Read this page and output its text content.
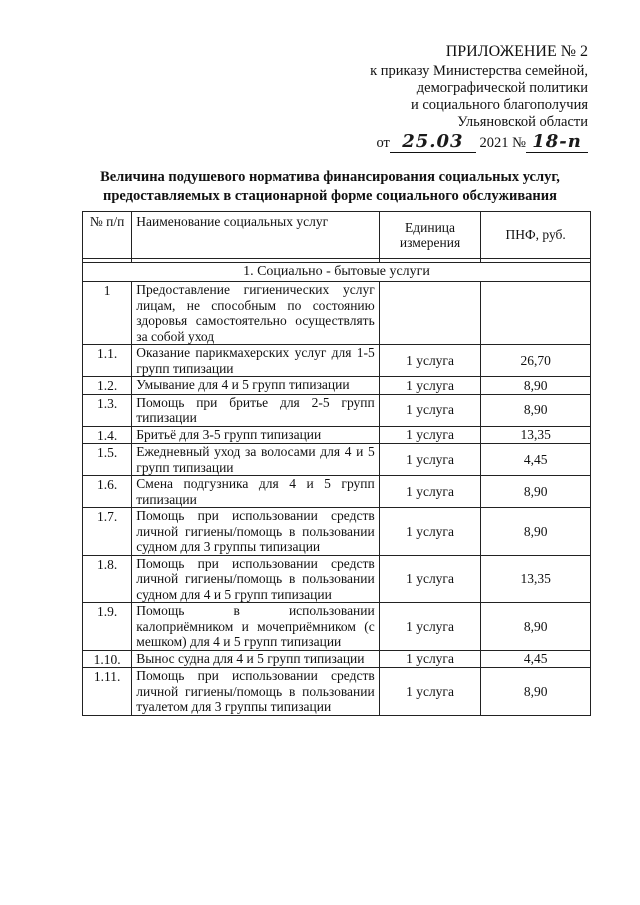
ПРИЛОЖЕНИЕ № 2
к приказу Министерства семейной,
демографической политики
и социального благополучия
Ульяновской области
от 25.03 2021 № 18-п
Величина подушевого норматива финансирования социальных услуг,
предоставляемых в стационарной форме социального обслуживания
№ п/п	Наименование социальных услуг	Единица измерения	ПНФ, руб.

1. Социально - бытовые услуги			
1	Предоставление гигиенических услуг лицам, не способным по состоянию здоровья самостоятельно осуществлять за собой уход		
1.1.	Оказание парикмахерских услуг для 1-5 групп типизации	1 услуга	26,70
1.2.	Умывание для 4 и 5 групп типизации	1 услуга	8,90
1.3.	Помощь при бритье для 2-5 групп типизации	1 услуга	8,90
1.4.	Бритьё для 3-5 групп типизации	1 услуга	13,35
1.5.	Ежедневный уход за волосами для 4 и 5 групп типизации	1 услуга	4,45
1.6.	Смена подгузника для 4 и 5 групп типизации	1 услуга	8,90
1.7.	Помощь при использовании средств личной гигиены/помощь в пользовании судном для 3 группы типизации	1 услуга	8,90
1.8.	Помощь при использовании средств личной гигиены/помощь в пользовании судном для 4 и 5 групп типизации	1 услуга	13,35
1.9.	Помощь в использовании калоприёмником и мочеприёмником (с мешком) для 4 и 5 групп типизации	1 услуга	8,90
1.10.	Вынос судна для 4 и 5 групп типизации	1 услуга	4,45
1.11.	Помощь при использовании средств личной гигиены/помощь в пользовании туалетом для 3 группы типизации	1 услуга	8,90
